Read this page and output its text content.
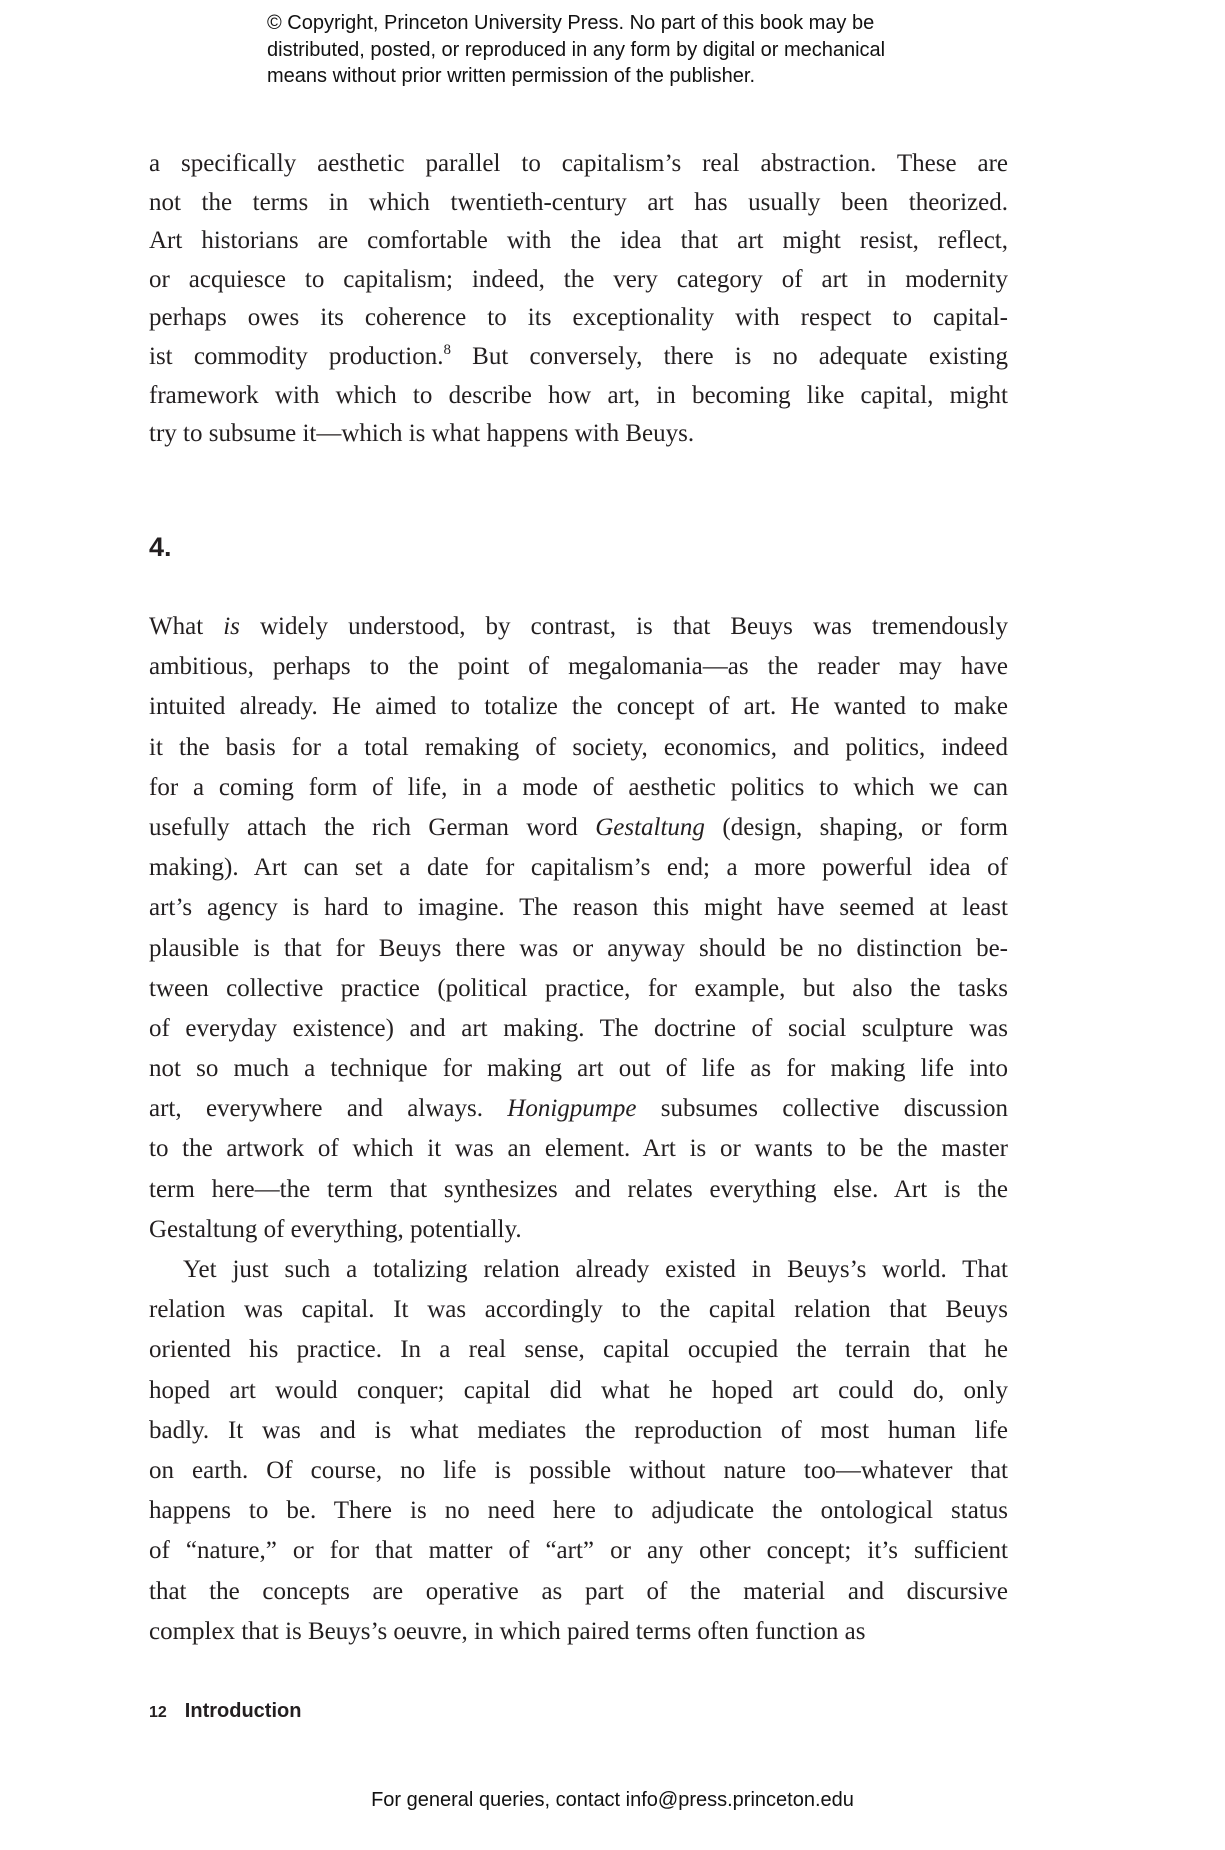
© Copyright, Princeton University Press. No part of this book may be
distributed, posted, or reproduced in any form by digital or mechanical
means without prior written permission of the publisher.
a specifically aesthetic parallel to capitalism’s real abstraction. These are
not the terms in which twentieth-century art has usually been theorized.
Art historians are comfortable with the idea that art might resist, reflect,
or acquiesce to capitalism; indeed, the very category of art in modernity
perhaps owes its coherence to its exceptionality with respect to capital-
ist commodity production.$^8$ But conversely, there is no adequate existing
framework with which to describe how art, in becoming like capital, might
try to subsume it—which is what happens with Beuys.
4.
What is widely understood, by contrast, is that Beuys was tremendously
ambitious, perhaps to the point of megalomania—as the reader may have
intuited already. He aimed to totalize the concept of art. He wanted to make
it the basis for a total remaking of society, economics, and politics, indeed
for a coming form of life, in a mode of aesthetic politics to which we can
usefully attach the rich German word Gestaltung (design, shaping, or form
making). Art can set a date for capitalism’s end; a more powerful idea of
art’s agency is hard to imagine. The reason this might have seemed at least
plausible is that for Beuys there was or anyway should be no distinction be-
tween collective practice (political practice, for example, but also the tasks
of everyday existence) and art making. The doctrine of social sculpture was
not so much a technique for making art out of life as for making life into
art, everywhere and always. Honigpumpe subsumes collective discussion
to the artwork of which it was an element. Art is or wants to be the master
term here—the term that synthesizes and relates everything else. Art is the
Gestaltung of everything, potentially.
Yet just such a totalizing relation already existed in Beuys’s world. That
relation was capital. It was accordingly to the capital relation that Beuys
oriented his practice. In a real sense, capital occupied the terrain that he
hoped art would conquer; capital did what he hoped art could do, only
badly. It was and is what mediates the reproduction of most human life
on earth. Of course, no life is possible without nature too—whatever that
happens to be. There is no need here to adjudicate the ontological status
of “nature,” or for that matter of “art” or any other concept; it’s sufficient
that the concepts are operative as part of the material and discursive
complex that is Beuys’s oeuvre, in which paired terms often function as
12 Introduction
For general queries, contact info@press.princeton.edu
